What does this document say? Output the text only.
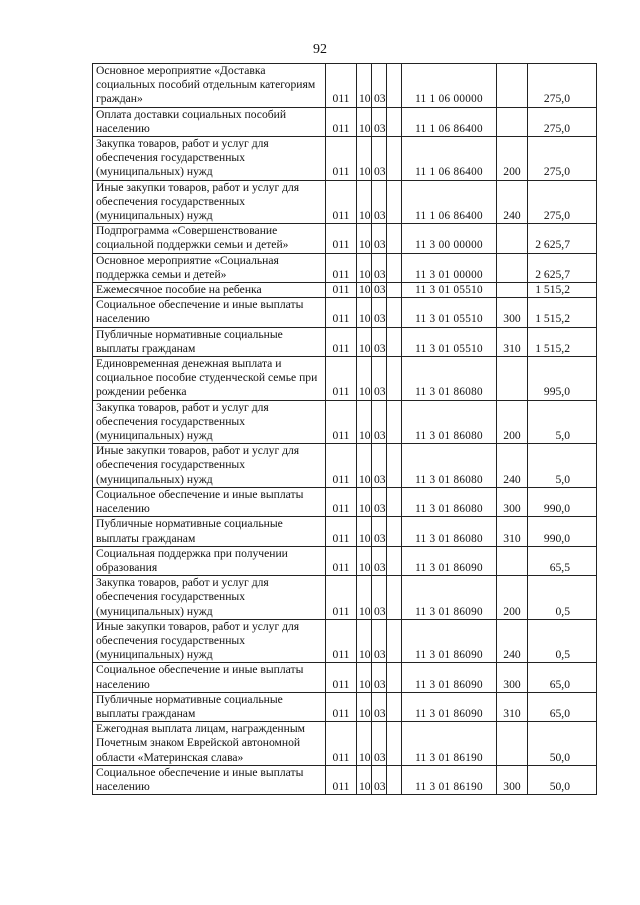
92
Основное мероприятие «Доставка социальных пособий отдельным категориям граждан»	011	10	03		11 1 06 00000		275,0
Оплата доставки социальных пособий населению	011	10	03		11 1 06 86400		275,0
Закупка товаров, работ и услуг для обеспечения государственных (муниципальных) нужд	011	10	03		11 1 06 86400	200	275,0
Иные закупки товаров, работ и услуг для обеспечения государственных (муниципальных) нужд	011	10	03		11 1 06 86400	240	275,0
Подпрограмма «Совершенствование социальной поддержки семьи и детей»	011	10	03		11 3 00 00000		2 625,7
Основное мероприятие «Социальная поддержка семьи и детей»	011	10	03		11 3 01 00000		2 625,7
Ежемесячное пособие на ребенка	011	10	03		11 3 01 05510		1 515,2
Социальное обеспечение и иные выплаты населению	011	10	03		11 3 01 05510	300	1 515,2
Публичные нормативные социальные выплаты гражданам	011	10	03		11 3 01 05510	310	1 515,2
Единовременная денежная выплата и социальное пособие студенческой семье при рождении ребенка	011	10	03		11 3 01 86080		995,0
Закупка товаров, работ и услуг для обеспечения государственных (муниципальных) нужд	011	10	03		11 3 01 86080	200	5,0
Иные закупки товаров, работ и услуг для обеспечения государственных (муниципальных) нужд	011	10	03		11 3 01 86080	240	5,0
Социальное обеспечение и иные выплаты населению	011	10	03		11 3 01 86080	300	990,0
Публичные нормативные социальные выплаты гражданам	011	10	03		11 3 01 86080	310	990,0
Социальная поддержка при получении образования	011	10	03		11 3 01 86090		65,5
Закупка товаров, работ и услуг для обеспечения государственных (муниципальных) нужд	011	10	03		11 3 01 86090	200	0,5
Иные закупки товаров, работ и услуг для обеспечения государственных (муниципальных) нужд	011	10	03		11 3 01 86090	240	0,5
Социальное обеспечение и иные выплаты населению	011	10	03		11 3 01 86090	300	65,0
Публичные нормативные социальные выплаты гражданам	011	10	03		11 3 01 86090	310	65,0
Ежегодная выплата лицам, награжденным Почетным знаком Еврейской автономной области «Материнская слава»	011	10	03		11 3 01 86190		50,0
Социальное обеспечение и иные выплаты населению	011	10	03		11 3 01 86190	300	50,0
